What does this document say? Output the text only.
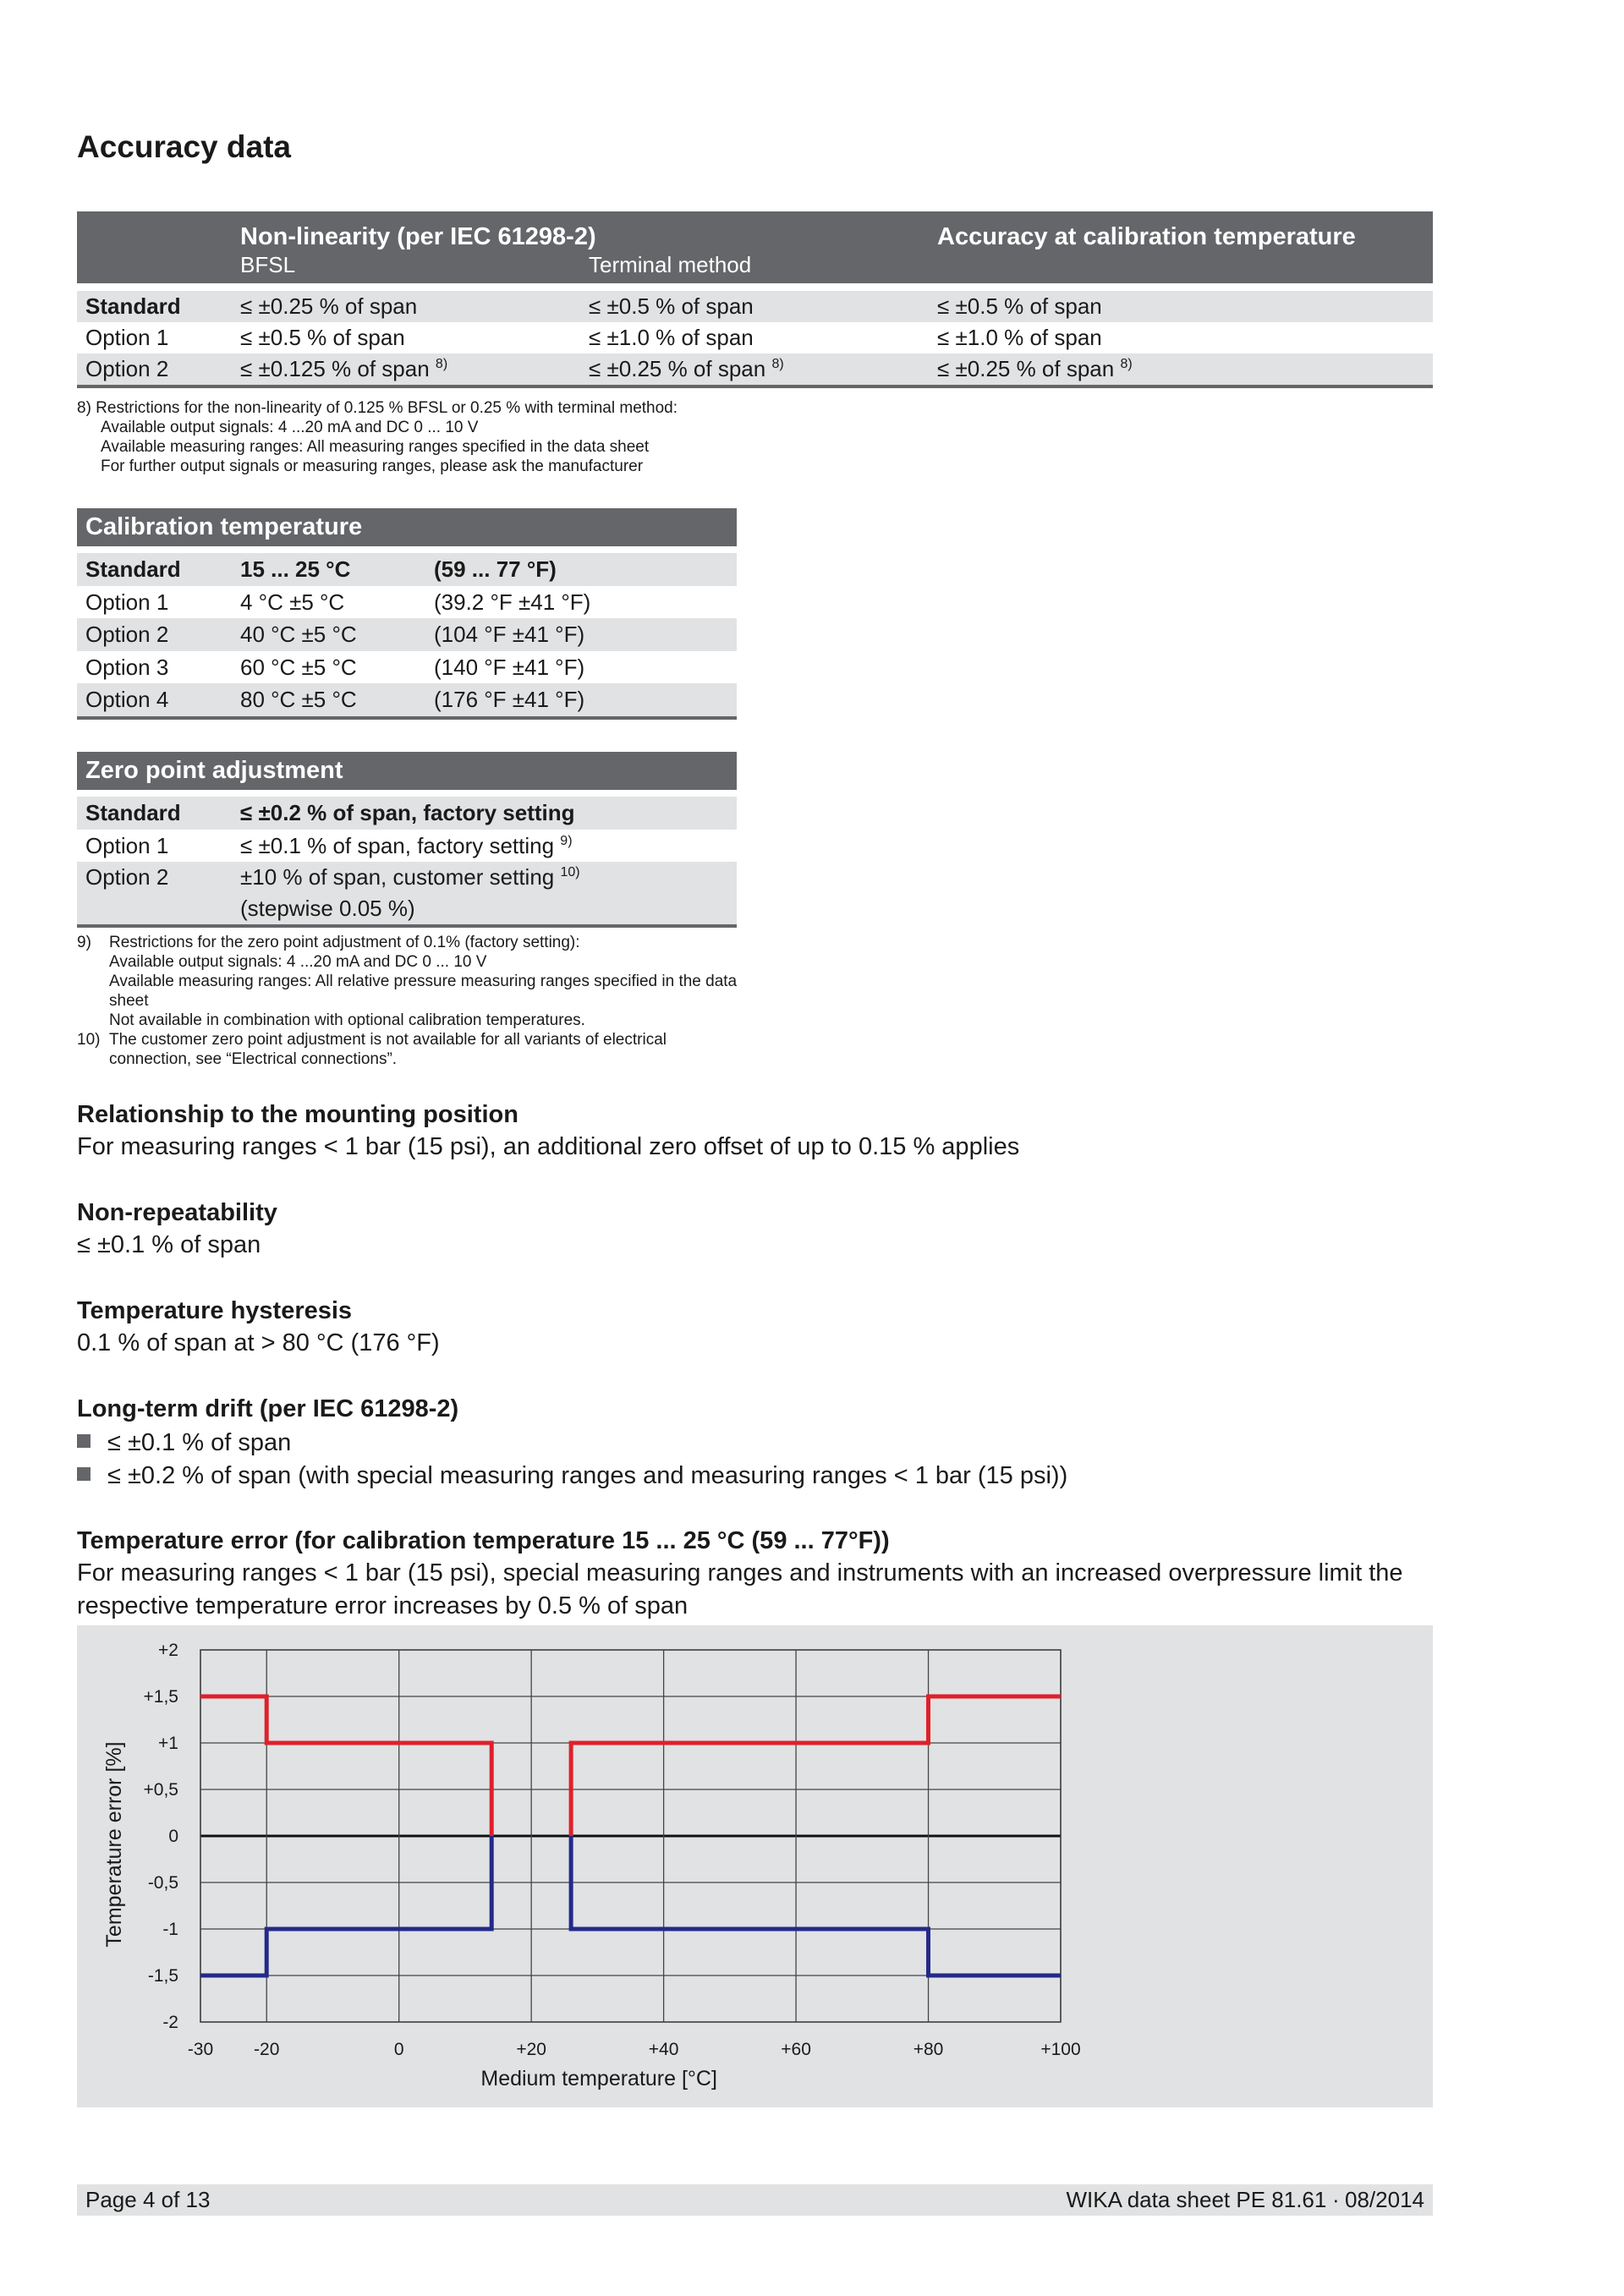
Accuracy data
Non-linearity (per IEC 61298-2)
BFSL	Terminal method
Accuracy at calibration temperature
Standard	≤ ±0.25 % of span	≤ ±0.5 % of span	≤ ±0.5 % of span
Option 1	≤ ±0.5 % of span	≤ ±1.0 % of span	≤ ±1.0 % of span
Option 2	≤ ±0.125 % of span $^{8)}$	≤ ±0.25 % of span $^{8)}$	≤ ±0.25 % of span $^{8)}$
8) Restrictions for the non-linearity of 0.125 % BFSL or 0.25 % with terminal method:
Available output signals: 4 ...20 mA and DC 0 ... 10 V
Available measuring ranges: All measuring ranges specified in the data sheet
For further output signals or measuring ranges, please ask the manufacturer
Calibration temperature
Standard	15 ... 25 °C	(59 ... 77 °F)
Option 1	4 °C ±5 °C	(39.2 °F ±41 °F)
Option 2	40 °C ±5 °C	(104 °F ±41 °F)
Option 3	60 °C ±5 °C	(140 °F ±41 °F)
Option 4	80 °C ±5 °C	(176 °F ±41 °F)
Zero point adjustment
Standard	≤ ±0.2 % of span, factory setting
Option 1	≤ ±0.1 % of span, factory setting $^{9)}$
Option 2	±10 % of span, customer setting $^{10)}$
(stepwise 0.05 %)
9) Restrictions for the zero point adjustment of 0.1% (factory setting):
Available output signals: 4 ...20 mA and DC 0 ... 10 V
Available measuring ranges: All relative pressure measuring ranges specified in the data
sheet
Not available in combination with optional calibration temperatures.
10) The customer zero point adjustment is not available for all variants of electrical
connection, see “Electrical connections”.
Relationship to the mounting position
For measuring ranges < 1 bar (15 psi), an additional zero offset of up to 0.15 % applies
Non-repeatability
≤ ±0.1 % of span
Temperature hysteresis
0.1 % of span at > 80 °C (176 °F)
Long-term drift (per IEC 61298-2)
≤ ±0.1 % of span
≤ ±0.2 % of span (with special measuring ranges and measuring ranges < 1 bar (15 psi))
Temperature error (for calibration temperature 15 ... 25 °C (59 ... 77°F))
For measuring ranges < 1 bar (15 psi), special measuring ranges and instruments with an increased overpressure limit the
respective temperature error increases by 0.5 % of span
+2
+1,5
+1
+0,5
0
-0,5
-1
-1,5
-2
-30 -20	0	+20	+40	+60	+80	+100
Medium temperature [°C]
Temperature error [%]
Page 4 of 13	WIKA data sheet PE 81.61 ∙ 08/2014
